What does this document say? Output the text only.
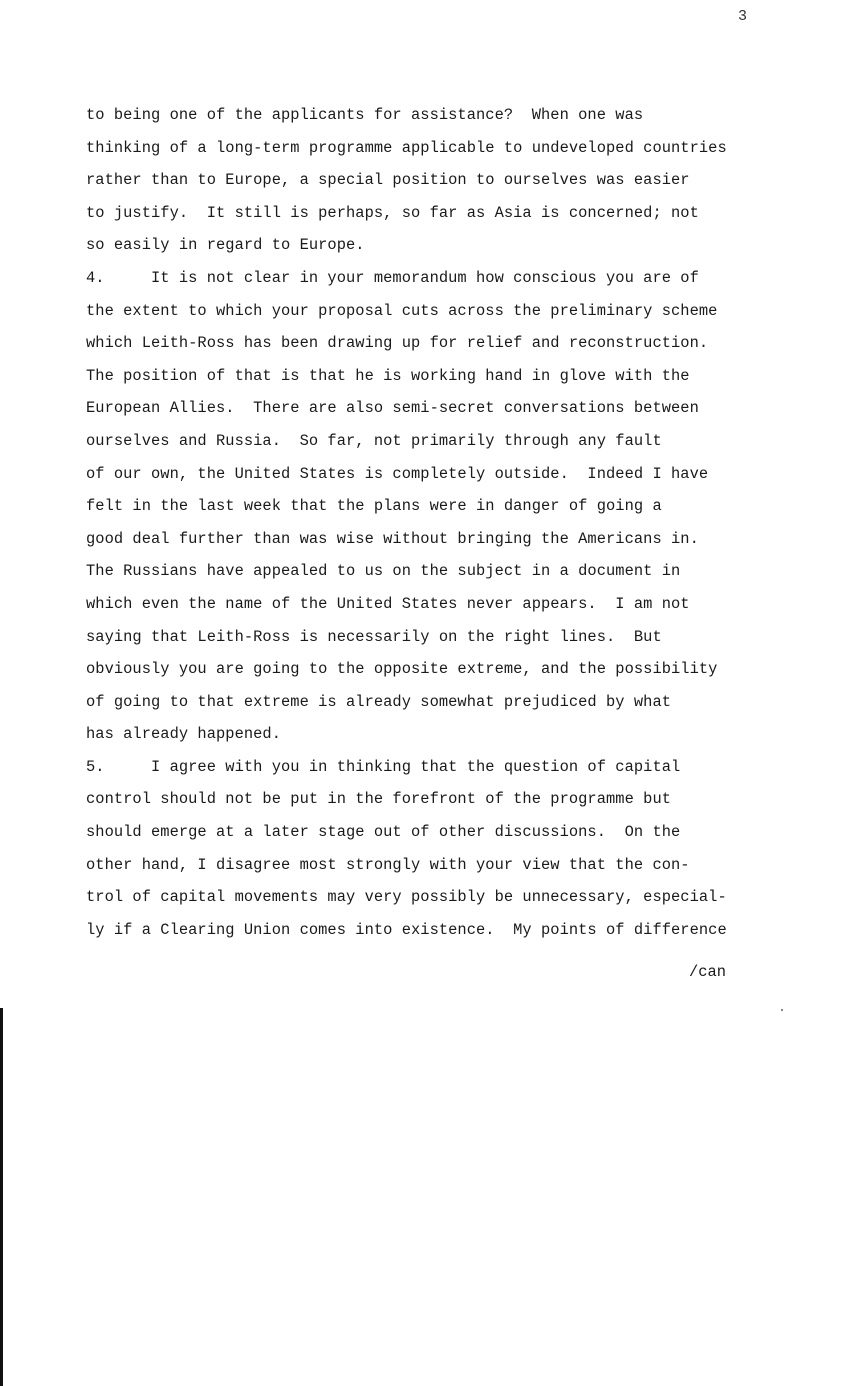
3
to being one of the applicants for assistance?  When one was
thinking of a long-term programme applicable to undeveloped countries
rather than to Europe, a special position to ourselves was easier
to justify.  It still is perhaps, so far as Asia is concerned; not
so easily in regard to Europe.
4.     It is not clear in your memorandum how conscious you are of
the extent to which your proposal cuts across the preliminary scheme
which Leith-Ross has been drawing up for relief and reconstruction.
The position of that is that he is working hand in glove with the
European Allies.  There are also semi-secret conversations between
ourselves and Russia.  So far, not primarily through any fault
of our own, the United States is completely outside.  Indeed I have
felt in the last week that the plans were in danger of going a
good deal further than was wise without bringing the Americans in.
The Russians have appealed to us on the subject in a document in
which even the name of the United States never appears.  I am not
saying that Leith-Ross is necessarily on the right lines.  But
obviously you are going to the opposite extreme, and the possibility
of going to that extreme is already somewhat prejudiced by what
has already happened.
5.     I agree with you in thinking that the question of capital
control should not be put in the forefront of the programme but
should emerge at a later stage out of other discussions.  On the
other hand, I disagree most strongly with your view that the con-
trol of capital movements may very possibly be unnecessary, especial-
ly if a Clearing Union comes into existence.  My points of difference
/can
